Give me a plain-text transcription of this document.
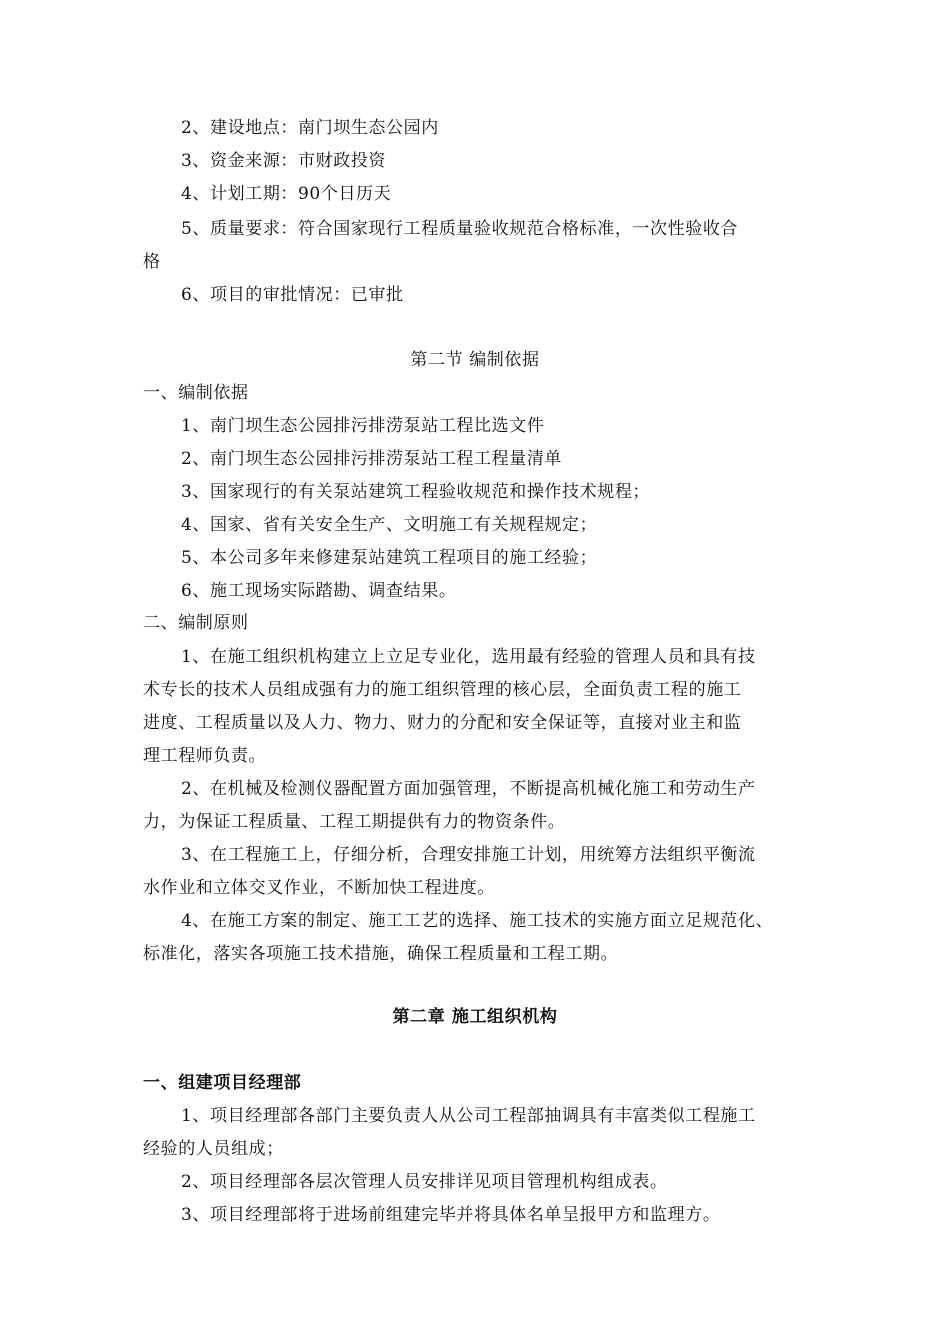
2、建设地点：南门坝生态公园内
3、资金来源：市财政投资
4、计划工期：90个日历天
5、质量要求：符合国家现行工程质量验收规范合格标准，一次性验收合
格
6、项目的审批情况：已审批
第二节 编制依据
一、编制依据
1、南门坝生态公园排污排涝泵站工程比选文件
2、南门坝生态公园排污排涝泵站工程工程量清单
3、国家现行的有关泵站建筑工程验收规范和操作技术规程；
4、国家、省有关安全生产、文明施工有关规程规定；
5、本公司多年来修建泵站建筑工程项目的施工经验；
6、施工现场实际踏勘、调查结果。
二、编制原则
1、在施工组织机构建立上立足专业化，选用最有经验的管理人员和具有技
术专长的技术人员组成强有力的施工组织管理的核心层，全面负责工程的施工
进度、工程质量以及人力、物力、财力的分配和安全保证等，直接对业主和监
理工程师负责。
2、在机械及检测仪器配置方面加强管理，不断提高机械化施工和劳动生产
力，为保证工程质量、工程工期提供有力的物资条件。
3、在工程施工上，仔细分析，合理安排施工计划，用统筹方法组织平衡流
水作业和立体交叉作业，不断加快工程进度。
4、在施工方案的制定、施工工艺的选择、施工技术的实施方面立足规范化、
标准化，落实各项施工技术措施，确保工程质量和工程工期。
第二章 施工组织机构
一、组建项目经理部
1、项目经理部各部门主要负责人从公司工程部抽调具有丰富类似工程施工
经验的人员组成；
2、项目经理部各层次管理人员安排详见项目管理机构组成表。
3、项目经理部将于进场前组建完毕并将具体名单呈报甲方和监理方。
